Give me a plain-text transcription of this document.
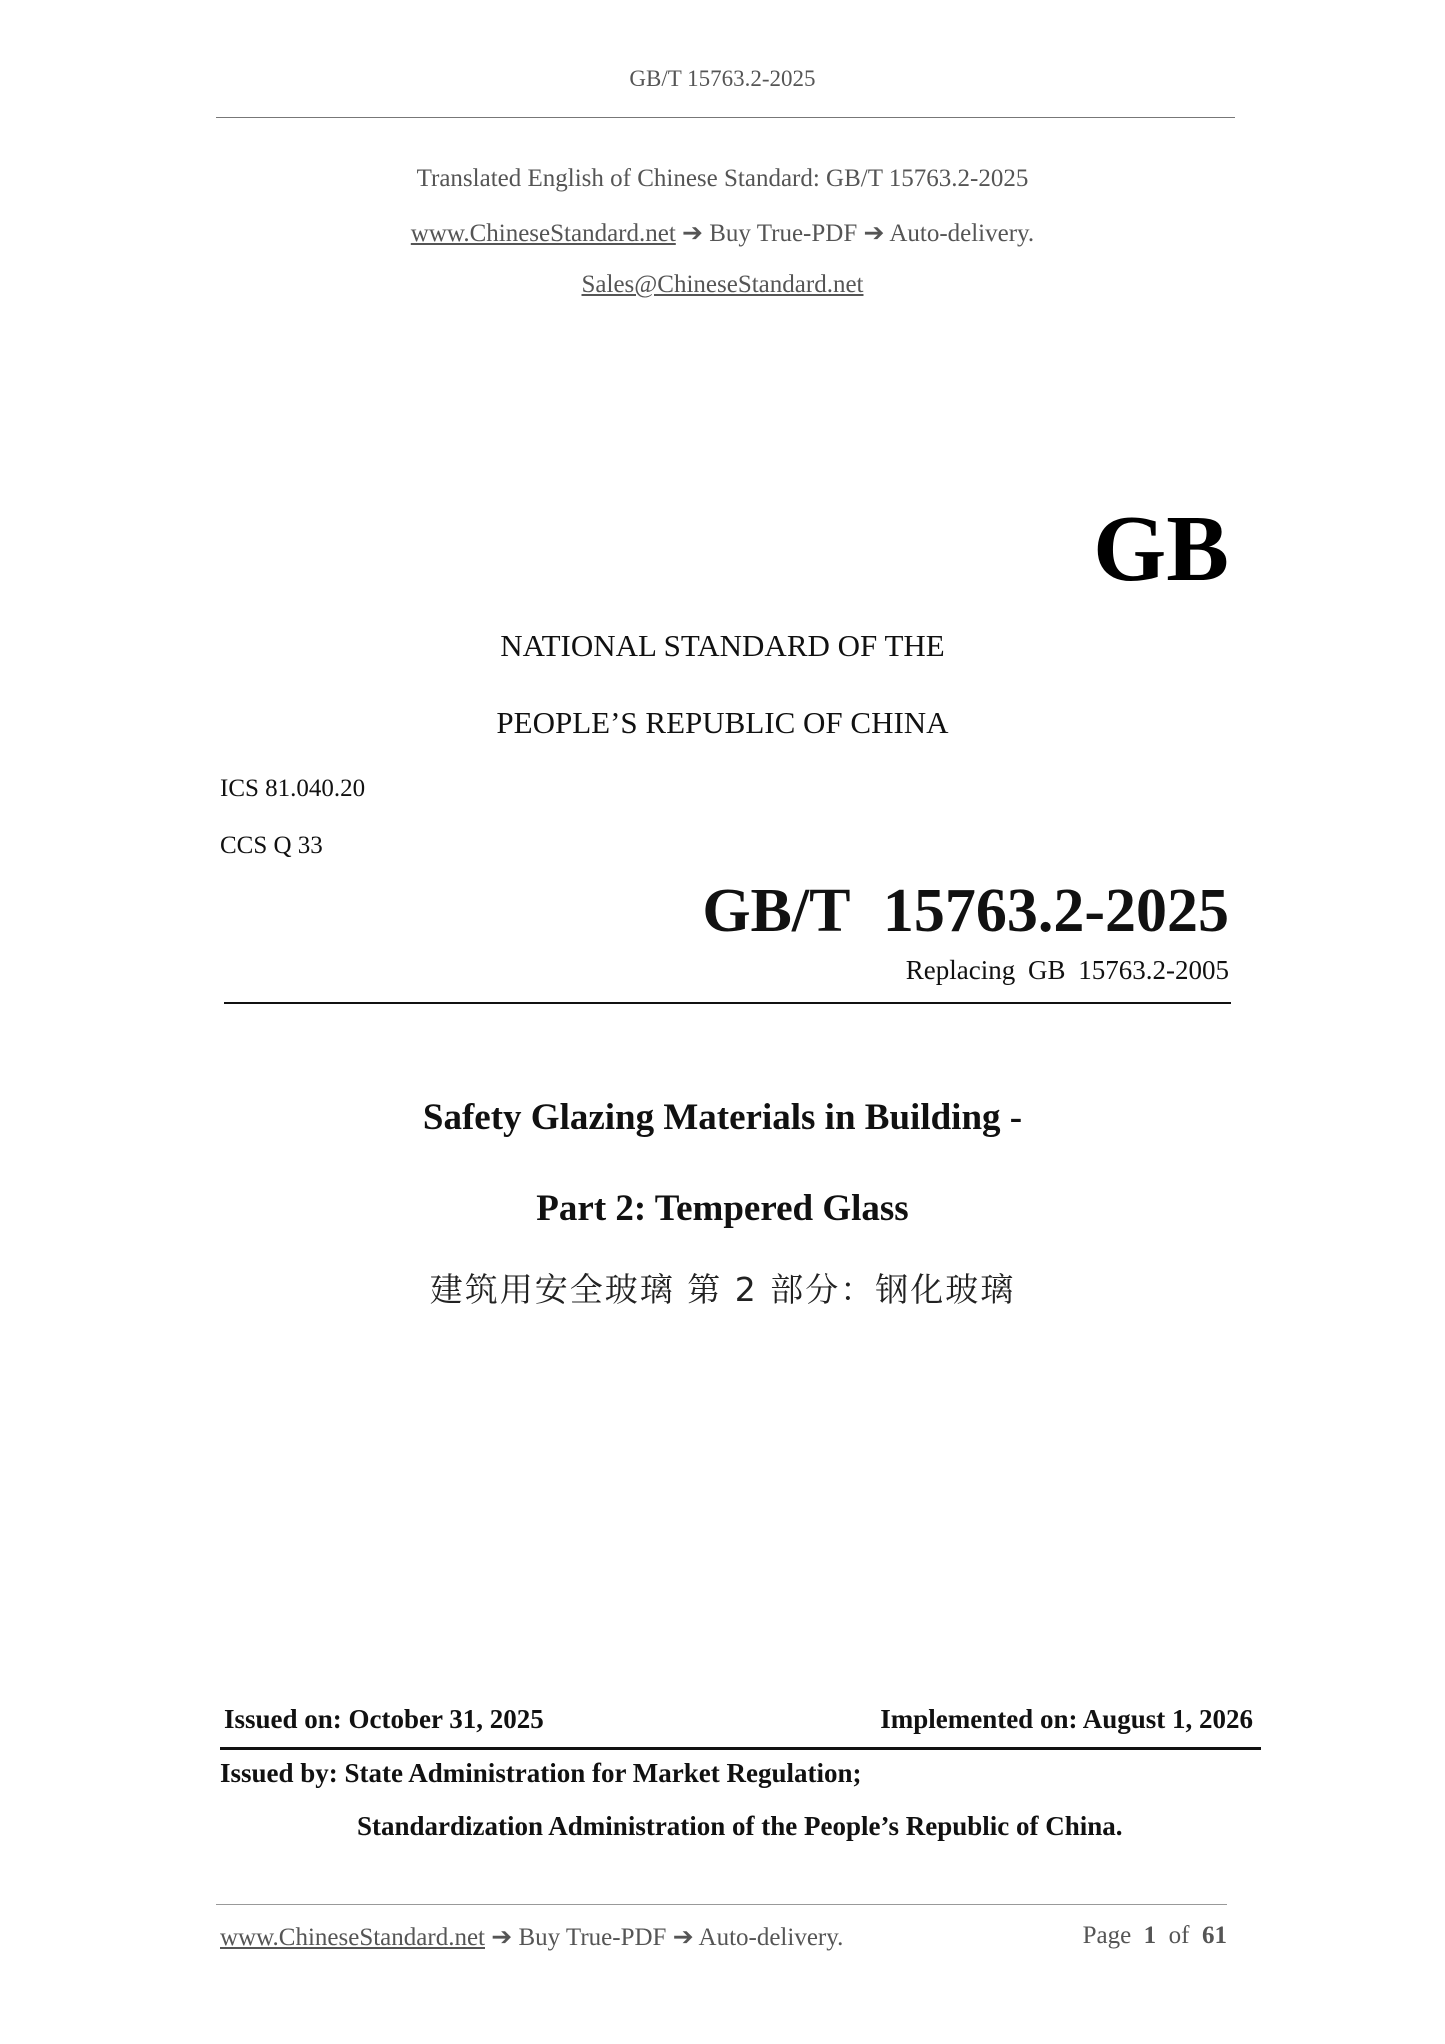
GB/T 15763.2-2025
Translated English of Chinese Standard: GB/T 15763.2-2025
www.ChineseStandard.net ➔ Buy True-PDF ➔ Auto-delivery.
Sales@ChineseStandard.net
GB
NATIONAL STANDARD OF THE
PEOPLE’S REPUBLIC OF CHINA
ICS 81.040.20
CCS Q 33
GB/T 15763.2-2025
Replacing GB 15763.2-2005
Safety Glazing Materials in Building -
Part 2: Tempered Glass
建筑用安全玻璃 第 2 部分：钢化玻璃
Issued on: October 31, 2025	Implemented on: August 1, 2026
Issued by: State Administration for Market Regulation;
Standardization Administration of the People’s Republic of China.
www.ChineseStandard.net ➔ Buy True-PDF ➔ Auto-delivery.	Page 1 of 61
